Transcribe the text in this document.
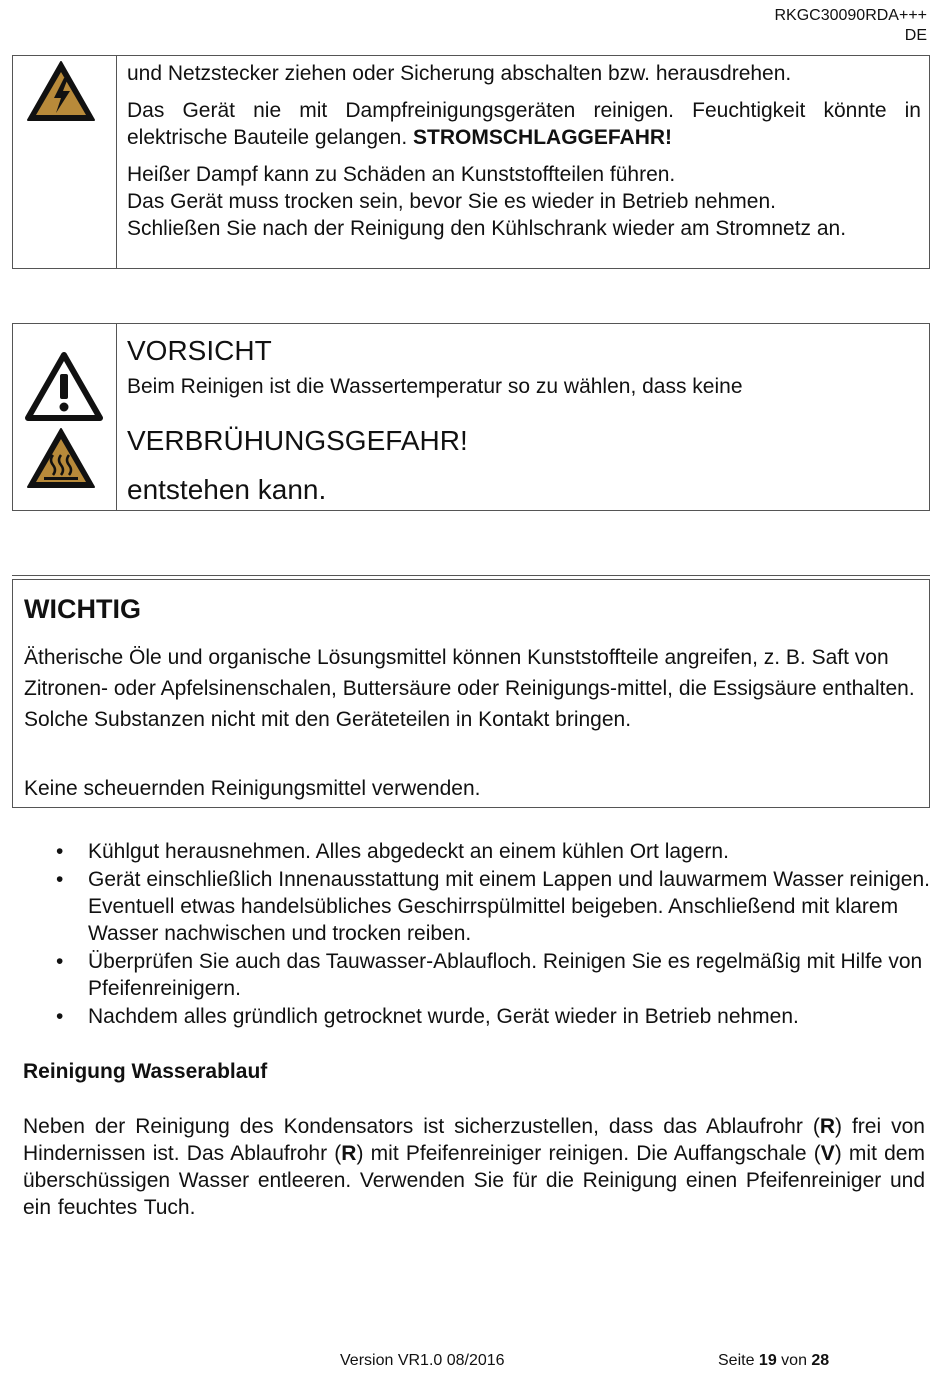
RKGC30090RDA+++
DE

und Netzstecker ziehen oder Sicherung abschalten bzw. herausdrehen.

Das Gerät nie mit Dampfreinigungsgeräten reinigen. Feuchtigkeit könnte in elektrische Bauteile gelangen. STROMSCHLAGGEFAHR!

Heißer Dampf kann zu Schäden an Kunststoffteilen führen.

Das Gerät muss trocken sein, bevor Sie es wieder in Betrieb nehmen.

Schließen Sie nach der Reinigung den Kühlschrank wieder am Stromnetz an.

VORSICHT
Beim Reinigen ist die Wassertemperatur so zu wählen, dass keine
VERBRÜHUNGSGEFAHR!
entstehen kann.
WICHTIG
Ätherische Öle und organische Lösungsmittel können Kunststoffteile angreifen, z. B. Saft von Zitronen- oder Apfelsinenschalen, Buttersäure oder Reinigungs-mittel, die Essigsäure enthalten. Solche Substanzen nicht mit den Geräteteilen in Kontakt bringen.
Keine scheuernden Reinigungsmittel verwenden.
• Kühlgut herausnehmen. Alles abgedeckt an einem kühlen Ort lagern.
• Gerät einschließlich Innenausstattung mit einem Lappen und lauwarmem Wasser reinigen. Eventuell etwas handelsübliches Geschirrspülmittel beigeben. Anschließend mit klarem Wasser nachwischen und trocken reiben.
• Überprüfen Sie auch das Tauwasser-Ablaufloch. Reinigen Sie es regelmäßig mit Hilfe von Pfeifenreinigern.
• Nachdem alles gründlich getrocknet wurde, Gerät wieder in Betrieb nehmen.
Reinigung Wasserablauf
Neben der Reinigung des Kondensators ist sicherzustellen, dass das Ablaufrohr (R) frei von Hindernissen ist. Das Ablaufrohr (R) mit Pfeifenreiniger reinigen. Die Auffangschale (V) mit dem überschüssigen Wasser entleeren. Verwenden Sie für die Reinigung einen Pfeifenreiniger und ein feuchtes Tuch.
Version VR1.0 08/2016	Seite 19 von 28
